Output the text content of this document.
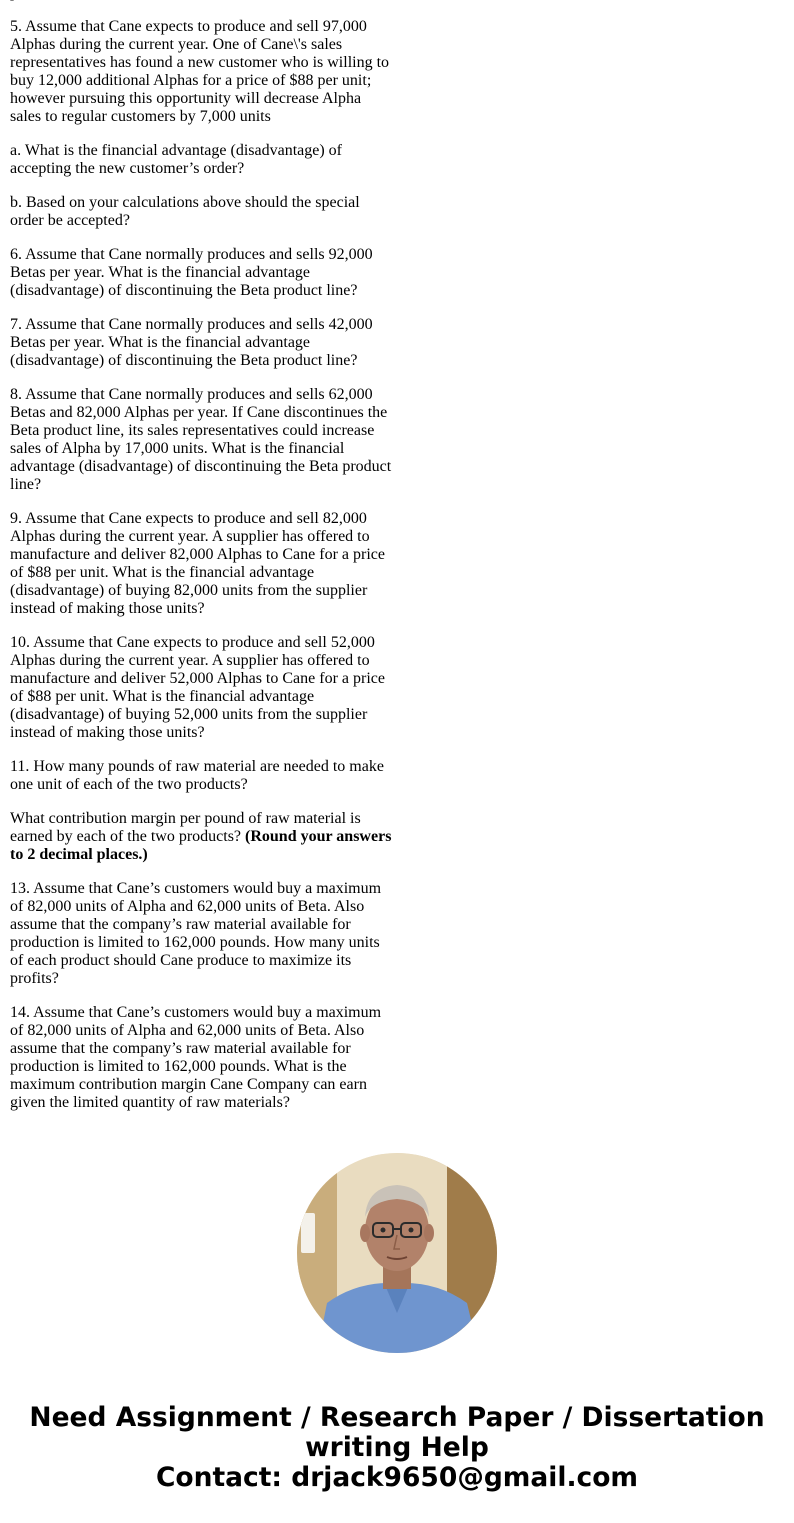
5. Assume that Cane expects to produce and sell 97,000 Alphas during the current year. One of Cane\'s sales representatives has found a new customer who is willing to buy 12,000 additional Alphas for a price of $88 per unit; however pursuing this opportunity will decrease Alpha sales to regular customers by 7,000 units

a. What is the financial advantage (disadvantage) of accepting the new customer’s order?

b. Based on your calculations above should the special order be accepted?

6. Assume that Cane normally produces and sells 92,000 Betas per year. What is the financial advantage (disadvantage) of discontinuing the Beta product line?

7. Assume that Cane normally produces and sells 42,000 Betas per year. What is the financial advantage (disadvantage) of discontinuing the Beta product line?

8. Assume that Cane normally produces and sells 62,000 Betas and 82,000 Alphas per year. If Cane discontinues the Beta product line, its sales representatives could increase sales of Alpha by 17,000 units. What is the financial advantage (disadvantage) of discontinuing the Beta product line?

9. Assume that Cane expects to produce and sell 82,000 Alphas during the current year. A supplier has offered to manufacture and deliver 82,000 Alphas to Cane for a price of $88 per unit. What is the financial advantage (disadvantage) of buying 82,000 units from the supplier instead of making those units?

10. Assume that Cane expects to produce and sell 52,000 Alphas during the current year. A supplier has offered to manufacture and deliver 52,000 Alphas to Cane for a price of $88 per unit. What is the financial advantage (disadvantage) of buying 52,000 units from the supplier instead of making those units?

11. How many pounds of raw material are needed to make one unit of each of the two products?

What contribution margin per pound of raw material is earned by each of the two products? (Round your answers to 2 decimal places.)

13. Assume that Cane’s customers would buy a maximum of 82,000 units of Alpha and 62,000 units of Beta. Also assume that the company’s raw material available for production is limited to 162,000 pounds. How many units of each product should Cane produce to maximize its profits?

14. Assume that Cane’s customers would buy a maximum of 82,000 units of Alpha and 62,000 units of Beta. Also assume that the company’s raw material available for production is limited to 162,000 pounds. What is the maximum contribution margin Cane Company can earn given the limited quantity of raw materials?

Need Assignment / Research Paper / Dissertation
writing Help
Contact: drjack9650@gmail.com
